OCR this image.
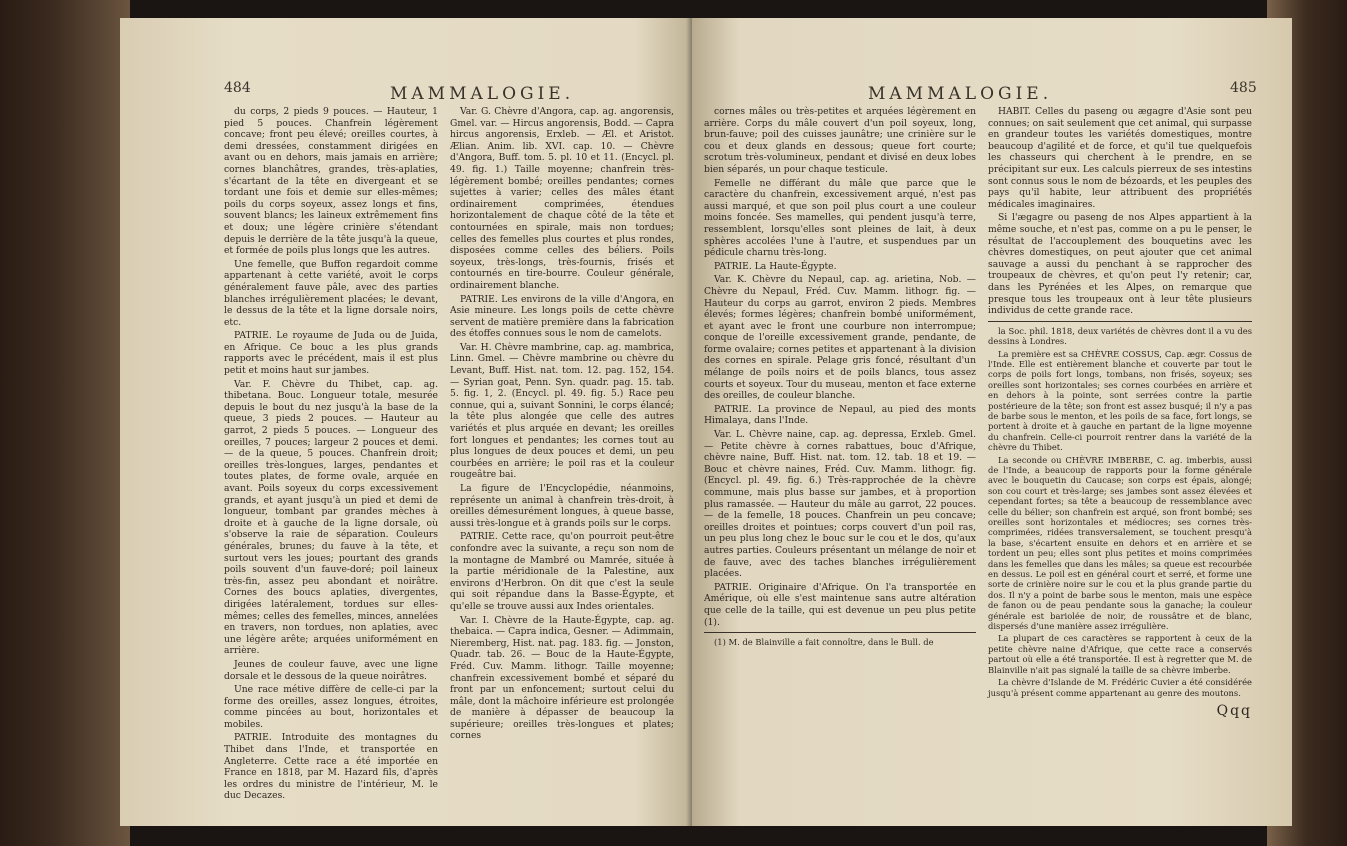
484	MAMMALOGIE.

du corps, 2 pieds 9 pouces. — Hauteur, 1 pied 5 pouces. Chanfrein légèrement concave; front peu élevé; oreilles courtes, à demi dressées, constamment dirigées en avant ou en dehors, mais jamais en arrière; cornes blanchâtres, grandes, très-aplaties, s'écartant de la tête en divergeant et se tordant une fois et demie sur elles-mêmes; poils du corps soyeux, assez longs et fins, souvent blancs; les laineux extrêmement fins et doux; une légère crinière s'étendant depuis le derrière de la tête jusqu'à la queue, et formée de poils plus longs que les autres.

Une femelle, que Buffon regardoit comme appartenant à cette variété, avoit le corps généralement fauve pâle, avec des parties blanches irrégulièrement placées; le devant, le dessus de la tête et la ligne dorsale noirs, etc.

PATRIE. Le royaume de Juda ou de Juida, en Afrique. Ce bouc a les plus grands rapports avec le précédent, mais il est plus petit et moins haut sur jambes.

Var. F. Chèvre du Thibet, cap. ag. thibetana. Bouc. Longueur totale, mesurée depuis le bout du nez jusqu'à la base de la queue, 3 pieds 2 pouces. — Hauteur au garrot, 2 pieds 5 pouces. — Longueur des oreilles, 7 pouces; largeur 2 pouces et demi. — de la queue, 5 pouces. Chanfrein droit; oreilles très-longues, larges, pendantes et toutes plates, de forme ovale, arquée en avant. Poils soyeux du corps excessivement grands, et ayant jusqu'à un pied et demi de longueur, tombant par grandes mèches à droite et à gauche de la ligne dorsale, où s'observe la raie de séparation. Couleurs générales, brunes; du fauve à la tête, et surtout vers les joues; pourtant des grands poils souvent d'un fauve-doré; poil laineux très-fin, assez peu abondant et noirâtre. Cornes des boucs aplaties, divergentes, dirigées latéralement, tordues sur elles-mêmes; celles des femelles, minces, annelées en travers, non tordues, non aplaties, avec une légère arête; arquées uniformément en arrière.

Jeunes de couleur fauve, avec une ligne dorsale et le dessous de la queue noirâtres.

Une race métive diffère de celle-ci par la forme des oreilles, assez longues, étroites, comme pincées au bout, horizontales et mobiles.

PATRIE. Introduite des montagnes du Thibet dans l'Inde, et transportée en Angleterre. Cette race a été importée en France en 1818, par M. Hazard fils, d'après les ordres du ministre de l'intérieur, M. le duc Decazes.

Var. G. Chèvre d'Angora, cap. ag. angorensis, Gmel. var. — Hircus angorensis, Bodd. — Capra hircus angorensis, Erxleb. — Æl. et Aristot. Ælian. Anim. lib. XVI. cap. 10. — Chèvre d'Angora, Buff. tom. 5. pl. 10 et 11. (Encycl. pl. 49. fig. 1.) Taille moyenne; chanfrein très-légèrement bombé; oreilles pendantes; cornes sujettes à varier; celles des mâles étant ordinairement comprimées, étendues horizontalement de chaque côté de la tête et contournées en spirale, mais non tordues; celles des femelles plus courtes et plus rondes, disposées comme celles des béliers. Poils soyeux, très-longs, très-fournis, frisés et contournés en tire-bourre. Couleur générale, ordinairement blanche.

PATRIE. Les environs de la ville d'Angora, en Asie mineure. Les longs poils de cette chèvre servent de matière première dans la fabrication des étoffes connues sous le nom de camelots.

Var. H. Chèvre mambrine, cap. ag. mambrica, Linn. Gmel. — Chèvre mambrine ou chèvre du Levant, Buff. Hist. nat. tom. 12. pag. 152, 154. — Syrian goat, Penn. Syn. quadr. pag. 15. tab. 5. fig. 1, 2. (Encycl. pl. 49. fig. 5.) Race peu connue, qui a, suivant Sonnini, le corps élancé; la tête plus alongée que celle des autres variétés et plus arquée en devant; les oreilles fort longues et pendantes; les cornes tout au plus longues de deux pouces et demi, un peu courbées en arrière; le poil ras et la couleur rougeâtre bai.

La figure de l'Encyclopédie, néanmoins, représente un animal à chanfrein très-droit, à oreilles démesurément longues, à queue basse, aussi très-longue et à grands poils sur le corps.

PATRIE. Cette race, qu'on pourroit peut-être confondre avec la suivante, a reçu son nom de la montagne de Mambré ou Mamrée, située à la partie méridionale de la Palestine, aux environs d'Herbron. On dit que c'est la seule qui soit répandue dans la Basse-Égypte, et qu'elle se trouve aussi aux Indes orientales.

Var. I. Chèvre de la Haute-Égypte, cap. ag. thebaica. — Capra indica, Gesner. — Adimmain, Nieremberg, Hist. nat. pag. 183. fig. — Jonston, Quadr. tab. 26. — Bouc de la Haute-Égypte, Fréd. Cuv. Mamm. lithogr. Taille moyenne; chanfrein excessivement bombé et séparé du front par un enfoncement; surtout celui du mâle, dont la mâchoire inférieure est prolongée de manière à dépasser de beaucoup la supérieure; oreilles très-longues et plates; cornes

MAMMALOGIE.	485

cornes mâles ou très-petites et arquées légèrement en arrière. Corps du mâle couvert d'un poil soyeux, long, brun-fauve; poil des cuisses jaunâtre; une crinière sur le cou et deux glands en dessous; queue fort courte; scrotum très-volumineux, pendant et divisé en deux lobes bien séparés, un pour chaque testicule.

Femelle ne différant du mâle que parce que le caractère du chanfrein, excessivement arqué, n'est pas aussi marqué, et que son poil plus court a une couleur moins foncée. Ses mamelles, qui pendent jusqu'à terre, ressemblent, lorsqu'elles sont pleines de lait, à deux sphères accolées l'une à l'autre, et suspendues par un pédicule charnu très-long.

PATRIE. La Haute-Égypte.

Var. K. Chèvre du Nepaul, cap. ag. arietina, Nob. — Chèvre du Nepaul, Fréd. Cuv. Mamm. lithogr. fig. — Hauteur du corps au garrot, environ 2 pieds. Membres élevés; formes légères; chanfrein bombé uniformément, et ayant avec le front une courbure non interrompue; conque de l'oreille excessivement grande, pendante, de forme ovalaire; cornes petites et appartenant à la division des cornes en spirale. Pelage gris foncé, résultant d'un mélange de poils noirs et de poils blancs, tous assez courts et soyeux. Tour du museau, menton et face externe des oreilles, de couleur blanche.

PATRIE. La province de Nepaul, au pied des monts Himalaya, dans l'Inde.

Var. L. Chèvre naine, cap. ag. depressa, Erxleb. Gmel. — Petite chèvre à cornes rabattues, bouc d'Afrique, chèvre naine, Buff. Hist. nat. tom. 12. tab. 18 et 19. — Bouc et chèvre naines, Fréd. Cuv. Mamm. lithogr. fig. (Encycl. pl. 49. fig. 6.) Très-rapprochée de la chèvre commune, mais plus basse sur jambes, et à proportion plus ramassée. — Hauteur du mâle au garrot, 22 pouces. — de la femelle, 18 pouces. Chanfrein un peu concave; oreilles droites et pointues; corps couvert d'un poil ras, un peu plus long chez le bouc sur le cou et le dos, qu'aux autres parties. Couleurs présentant un mélange de noir et de fauve, avec des taches blanches irrégulièrement placées.

PATRIE. Originaire d'Afrique. On l'a transportée en Amérique, où elle s'est maintenue sans autre altération que celle de la taille, qui est devenue un peu plus petite (1).

(1) M. de Blainville a fait connoître, dans le Bull. de

HABIT. Celles du paseng ou ægagre d'Asie sont peu connues; on sait seulement que cet animal, qui surpasse en grandeur toutes les variétés domestiques, montre beaucoup d'agilité et de force, et qu'il tue quelquefois les chasseurs qui cherchent à le prendre, en se précipitant sur eux. Les calculs pierreux de ses intestins sont connus sous le nom de bézoards, et les peuples des pays qu'il habite, leur attribuent des propriétés médicales imaginaires.

Si l'ægagre ou paseng de nos Alpes appartient à la même souche, et n'est pas, comme on a pu le penser, le résultat de l'accouplement des bouquetins avec les chèvres domestiques, on peut ajouter que cet animal sauvage a aussi du penchant à se rapprocher des troupeaux de chèvres, et qu'on peut l'y retenir; car, dans les Pyrénées et les Alpes, on remarque que presque tous les troupeaux ont à leur tête plusieurs individus de cette grande race.

la Soc. phil. 1818, deux variétés de chèvres dont il a vu des dessins à Londres.

La première est sa CHÈVRE COSSUS, Cap. ægr. Cossus de l'Inde. Elle est entièrement blanche et couverte par tout le corps de poils fort longs, tombans, non frisés, soyeux; ses oreilles sont horizontales; ses cornes courbées en arrière et en dehors à la pointe, sont serrées contre la partie postérieure de la tête; son front est assez busqué; il n'y a pas de barbe sous le menton, et les poils de sa face, fort longs, se portent à droite et à gauche en partant de la ligne moyenne du chanfrein. Celle-ci pourroit rentrer dans la variété de la chèvre du Thibet.

La seconde ou CHÈVRE IMBERBE, C. ag. imberbis, aussi de l'Inde, a beaucoup de rapports pour la forme générale avec le bouquetin du Caucase; son corps est épais, alongé; son cou court et très-large; ses jambes sont assez élevées et cependant fortes; sa tête a beaucoup de ressemblance avec celle du bélier; son chanfrein est arqué, son front bombé; ses oreilles sont horizontales et médiocres; ses cornes très-comprimées, ridées transversalement, se touchent presqu'à la base, s'écartent ensuite en dehors et en arrière et se tordent un peu; elles sont plus petites et moins comprimées dans les femelles que dans les mâles; sa queue est recourbée en dessus. Le poil est en général court et serré, et forme une sorte de crinière noire sur le cou et la plus grande partie du dos. Il n'y a point de barbe sous le menton, mais une espèce de fanon ou de peau pendante sous la ganache; la couleur générale est bariolée de noir, de roussâtre et de blanc, dispersés d'une manière assez irrégulière.

La plupart de ces caractères se rapportent à ceux de la petite chèvre naine d'Afrique, que cette race a conservés partout où elle a été transportée. Il est à regretter que M. de Blainville n'ait pas signalé la taille de sa chèvre imberbe.

La chèvre d'Islande de M. Frédéric Cuvier a été considérée jusqu'à présent comme appartenant au genre des moutons.

Qqq
